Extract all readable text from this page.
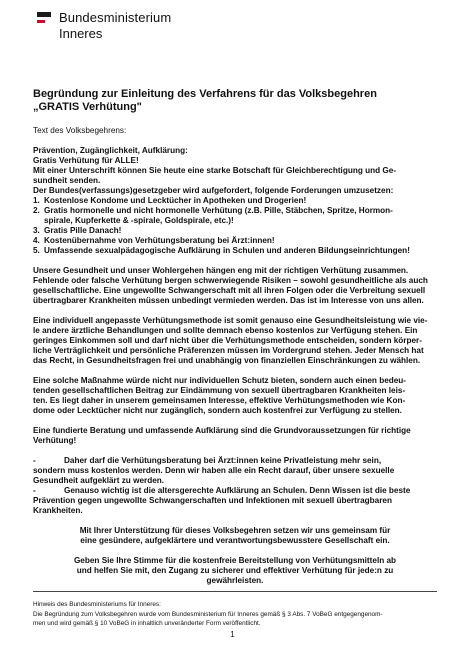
Bundesministerium
Inneres

Begründung zur Einleitung des Verfahrens für das Volksbegehren
„GRATIS Verhütung"

Text des Volksbegehrens:

Prävention, Zugänglichkeit, Aufklärung:

Gratis Verhütung für ALLE!

Mit einer Unterschrift können Sie heute eine starke Botschaft für Gleichberechtigung und Ge-

sundheit senden.

Der Bundes(verfassungs)gesetzgeber wird aufgefordert, folgende Forderungen umzusetzen:

1. Kostenlose Kondome und Lecktücher in Apotheken und Drogerien!
2. Gratis hormonelle und nicht hormonelle Verhütung (z.B. Pille, Stäbchen, Spritze, Hormon-
spirale, Kupferkette & -spirale, Goldspirale, etc.)!
3. Gratis Pille Danach!
4. Kostenübernahme von Verhütungsberatung bei Ärzt:innen!
5. Umfassende sexualpädagogische Aufklärung in Schulen und anderen Bildungseinrichtungen!

Unsere Gesundheit und unser Wohlergehen hängen eng mit der richtigen Verhütung zusammen.

Fehlende oder falsche Verhütung bergen schwerwiegende Risiken – sowohl gesundheitliche als auch

gesellschaftliche. Eine ungewollte Schwangerschaft mit all ihren Folgen oder die Verbreitung sexuell

übertragbarer Krankheiten müssen unbedingt vermieden werden. Das ist im Interesse von uns allen.

Eine individuell angepasste Verhütungsmethode ist somit genauso eine Gesundheitsleistung wie vie-

le andere ärztliche Behandlungen und sollte demnach ebenso kostenlos zur Verfügung stehen. Ein

geringes Einkommen soll und darf nicht über die Verhütungsmethode entscheiden, sondern körper-

liche Verträglichkeit und persönliche Präferenzen müssen im Vordergrund stehen. Jeder Mensch hat

das Recht, in Gesundheitsfragen frei und unabhängig von finanziellen Einschränkungen zu wählen.

Eine solche Maßnahme würde nicht nur individuellen Schutz bieten, sondern auch einen bedeu-

tenden gesellschaftlichen Beitrag zur Eindämmung von sexuell übertragbaren Krankheiten leis-

ten. Es liegt daher in unserem gemeinsamen Interesse, effektive Verhütungsmethoden wie Kon-

dome oder Lecktücher nicht nur zugänglich, sondern auch kostenfrei zur Verfügung zu stellen.

Eine fundierte Beratung und umfassende Aufklärung sind die Grundvoraussetzungen für richtige

Verhütung!

-	Daher darf die Verhütungsberatung bei Ärzt:innen keine Privatleistung mehr sein,

sondern muss kostenlos werden. Denn wir haben alle ein Recht darauf, über unsere sexuelle

Gesundheit aufgeklärt zu werden.

-	Genauso wichtig ist die altersgerechte Aufklärung an Schulen. Denn Wissen ist die beste

Prävention gegen ungewollte Schwangerschaften und Infektionen mit sexuell übertragbaren

Krankheiten.

Mit Ihrer Unterstützung für dieses Volksbegehren setzen wir uns gemeinsam für

eine gesündere, aufgeklärtere und verantwortungsbewusstere Gesellschaft ein.

Geben Sie Ihre Stimme für die kostenfreie Bereitstellung von Verhütungsmitteln ab

und helfen Sie mit, den Zugang zu sicherer und effektiver Verhütung für jede:n zu

gewährleisten.

Hinweis des Bundesministeriums für Inneres:
Die Begründung zum Volksbegehren wurde vom Bundesministerium für Inneres gemäß § 3 Abs. 7 VoBeG entgegengenom-
men und wird gemäß § 10 VoBeG in inhaltlich unveränderter Form veröffentlicht.
1
